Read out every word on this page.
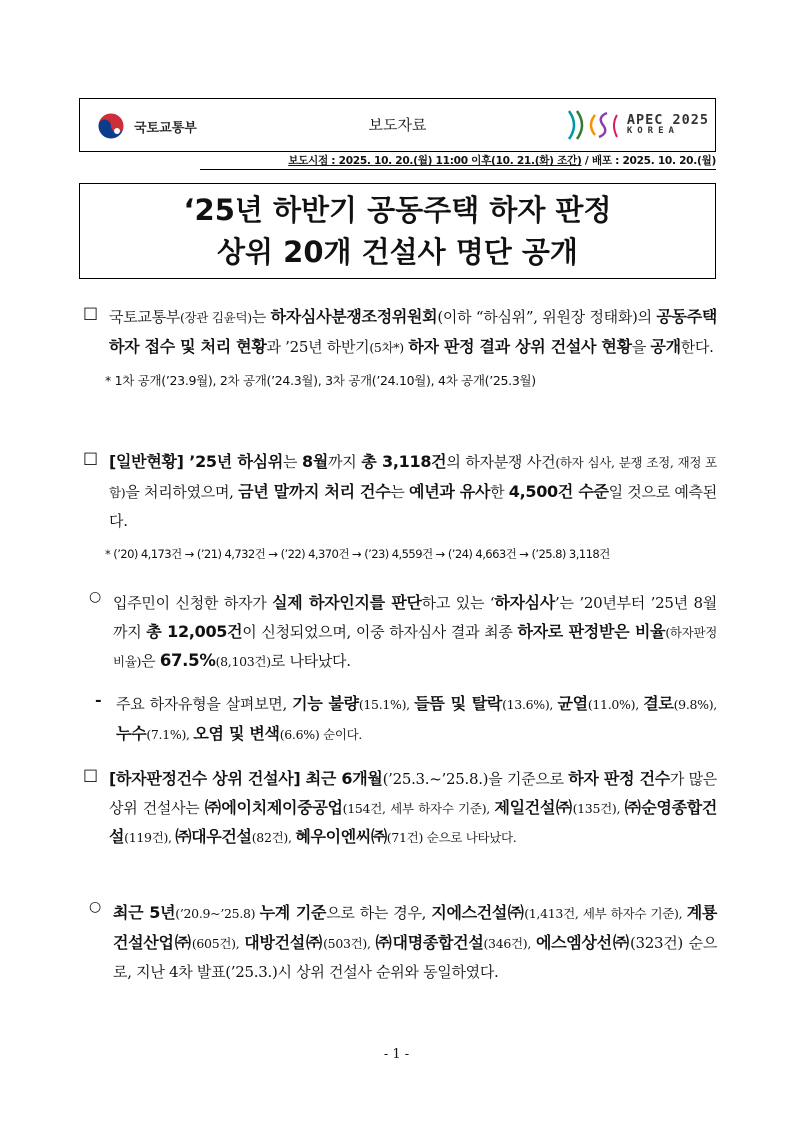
국토교통부	보도자료	APEC 2025
KOREA
보도시점 : 2025. 10. 20.(월) 11:00 이후(10. 21.(화) 조간) / 배포 : 2025. 10. 20.(월)
‘25년 하반기 공동주택 하자 판정
상위 20개 건설사 명단 공개
□ 국토교통부(장관 김윤덕)는 하자심사분쟁조정위원회(이하 “하심위”, 위원장 정태화)의 공동주택 하자 접수 및 처리 현황과 ’25년 하반기(5차*) 하자 판정 결과 상위 건설사 현황을 공개한다.
* 1차 공개(’23.9월), 2차 공개(’24.3월), 3차 공개(’24.10월), 4차 공개(’25.3월)
□ [일반현황] ’25년 하심위는 8월까지 총 3,118건의 하자분쟁 사건(하자 심사, 분쟁 조정, 재정 포함)을 처리하였으며, 금년 말까지 처리 건수는 예년과 유사한 4,500건 수준일 것으로 예측된다.
* (’20) 4,173건 → (’21) 4,732건 → (’22) 4,370건 → (’23) 4,559건 → (’24) 4,663건 → (’25.8) 3,118건
○ 입주민이 신청한 하자가 실제 하자인지를 판단하고 있는 ‘하자심사’는 ’20년부터 ’25년 8월까지 총 12,005건이 신청되었으며, 이중 하자심사 결과 최종 하자로 판정받은 비율(하자판정비율)은 67.5%(8,103건)로 나타났다.
- 주요 하자유형을 살펴보면, 기능 불량(15.1%), 들뜸 및 탈락(13.6%), 균열(11.0%), 결로(9.8%), 누수(7.1%), 오염 및 변색(6.6%) 순이다.
□ [하자판정건수 상위 건설사] 최근 6개월(’25.3.~’25.8.)을 기준으로 하자 판정 건수가 많은 상위 건설사는 ㈜에이치제이중공업(154건, 세부 하자수 기준), 제일건설㈜(135건), ㈜순영종합건설(119건), ㈜대우건설(82건), 혜우이엔씨㈜(71건) 순으로 나타났다.
○ 최근 5년(’20.9~’25.8) 누계 기준으로 하는 경우, 지에스건설㈜(1,413건, 세부 하자수 기준), 계룡건설산업㈜(605건), 대방건설㈜(503건), ㈜대명종합건설(346건), 에스엠상선㈜(323건) 순으로, 지난 4차 발표(’25.3.)시 상위 건설사 순위와 동일하였다.
- 1 -
